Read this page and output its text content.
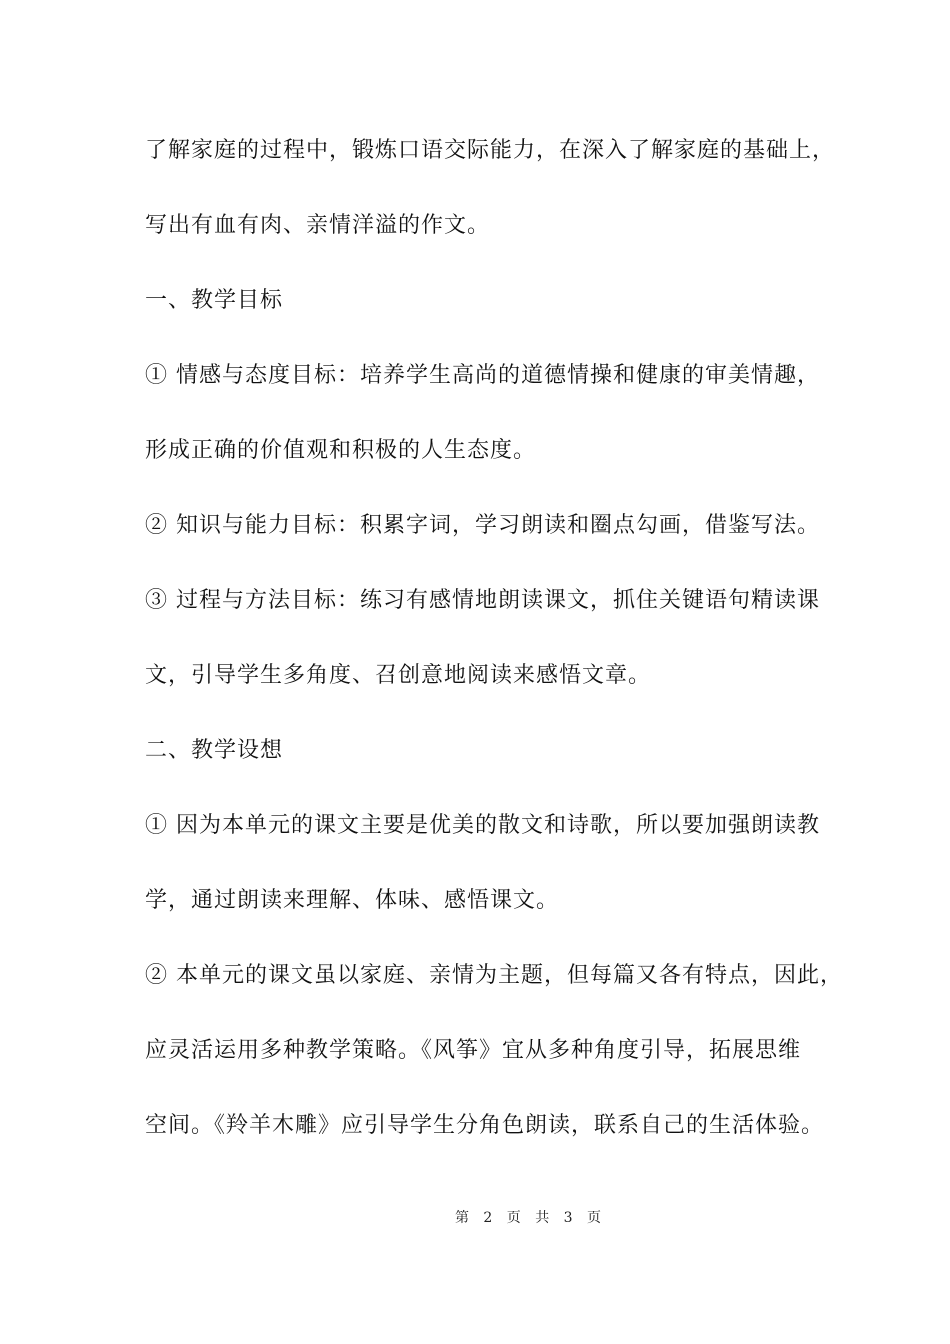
了解家庭的过程中，锻炼口语交际能力，在深入了解家庭的基础上，
写出有血有肉、亲情洋溢的作文。
一、教学目标
① 情感与态度目标：培养学生高尚的道德情操和健康的审美情趣，
形成正确的价值观和积极的人生态度。
② 知识与能力目标：积累字词，学习朗读和圈点勾画，借鉴写法。
③ 过程与方法目标：练习有感情地朗读课文，抓住关键语句精读课
文，引导学生多角度、召创意地阅读来感悟文章。
二、教学设想
① 因为本单元的课文主要是优美的散文和诗歌，所以要加强朗读教
学，通过朗读来理解、体味、感悟课文。
② 本单元的课文虽以家庭、亲情为主题，但每篇又各有特点，因此，
应灵活运用多种教学策略。《风筝》宜从多种角度引导，拓展思维
空间。《羚羊木雕》应引导学生分角色朗读，联系自己的生活体验。
第 2 页 共 3 页
